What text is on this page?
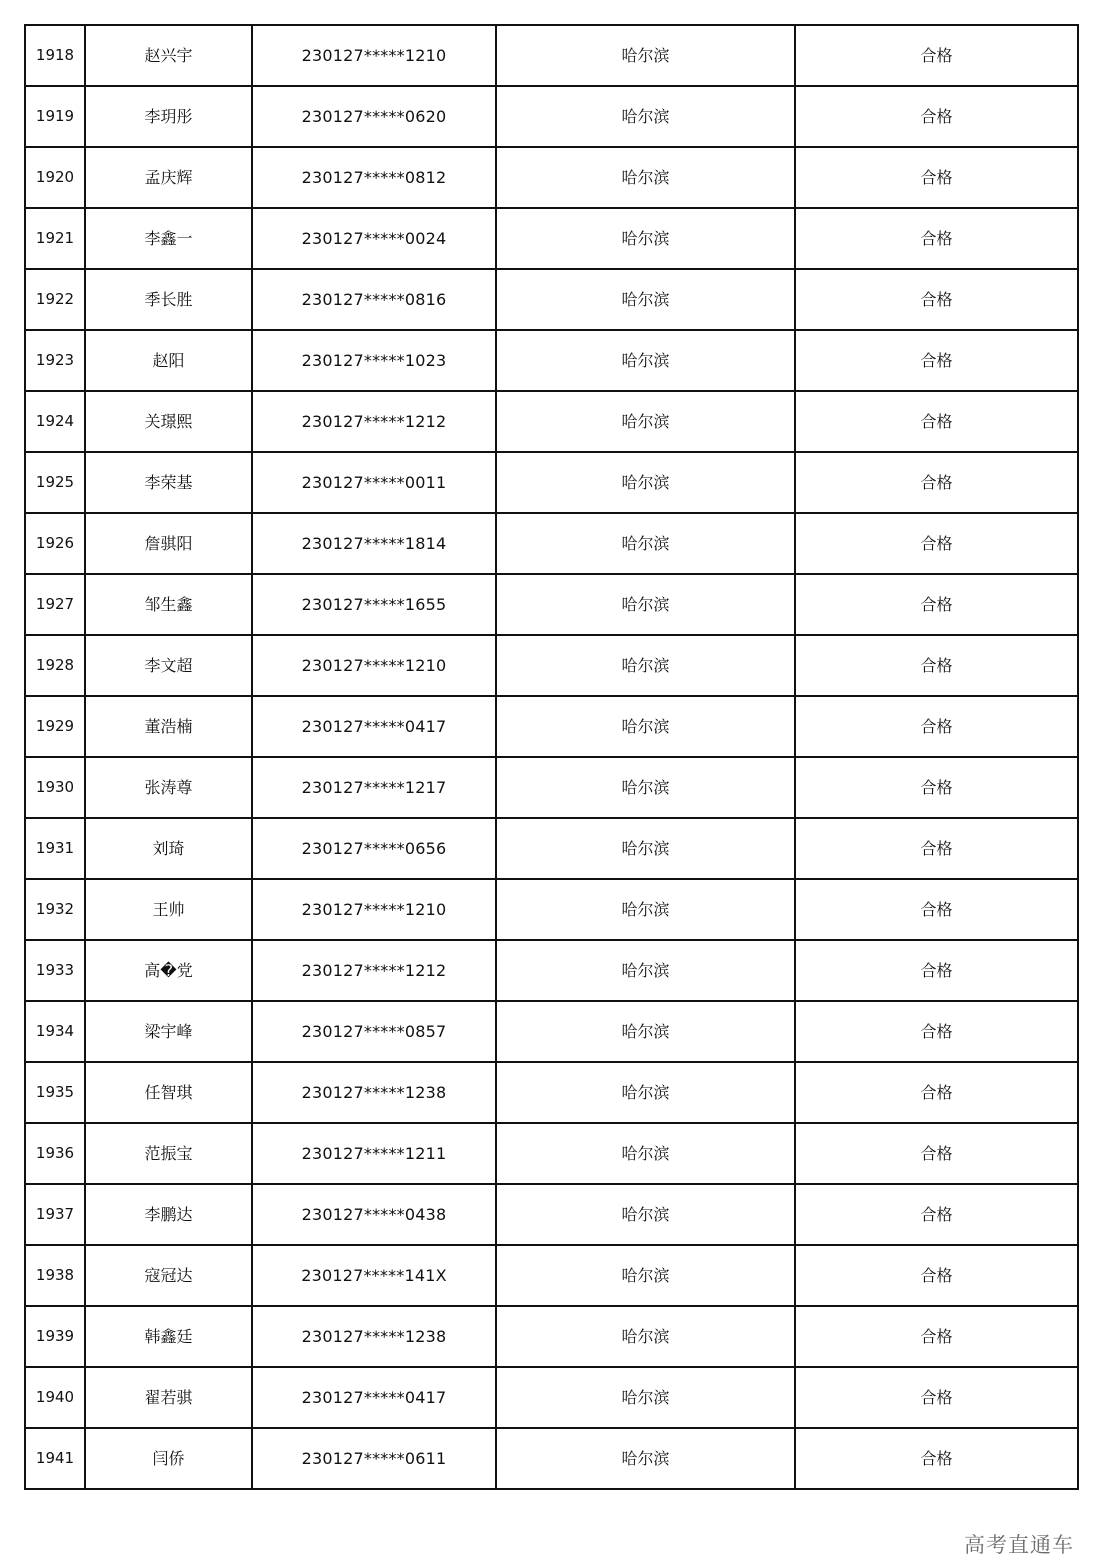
1918	赵兴宇	230127*****1210	哈尔滨	合格
1919	李玥彤	230127*****0620	哈尔滨	合格
1920	孟庆辉	230127*****0812	哈尔滨	合格
1921	李鑫一	230127*****0024	哈尔滨	合格
1922	季长胜	230127*****0816	哈尔滨	合格
1923	赵阳	230127*****1023	哈尔滨	合格
1924	关璟熙	230127*****1212	哈尔滨	合格
1925	李荣基	230127*****0011	哈尔滨	合格
1926	詹骐阳	230127*****1814	哈尔滨	合格
1927	邹生鑫	230127*****1655	哈尔滨	合格
1928	李文超	230127*****1210	哈尔滨	合格
1929	董浩楠	230127*****0417	哈尔滨	合格
1930	张涛尊	230127*****1217	哈尔滨	合格
1931	刘琦	230127*****0656	哈尔滨	合格
1932	王帅	230127*****1210	哈尔滨	合格
1933	高�党	230127*****1212	哈尔滨	合格
1934	梁宇峰	230127*****0857	哈尔滨	合格
1935	任智琪	230127*****1238	哈尔滨	合格
1936	范振宝	230127*****1211	哈尔滨	合格
1937	李鹏达	230127*****0438	哈尔滨	合格
1938	寇冠达	230127*****141X	哈尔滨	合格
1939	韩鑫廷	230127*****1238	哈尔滨	合格
1940	翟若骐	230127*****0417	哈尔滨	合格
1941	闫侨	230127*****0611	哈尔滨	合格
高考直通车
